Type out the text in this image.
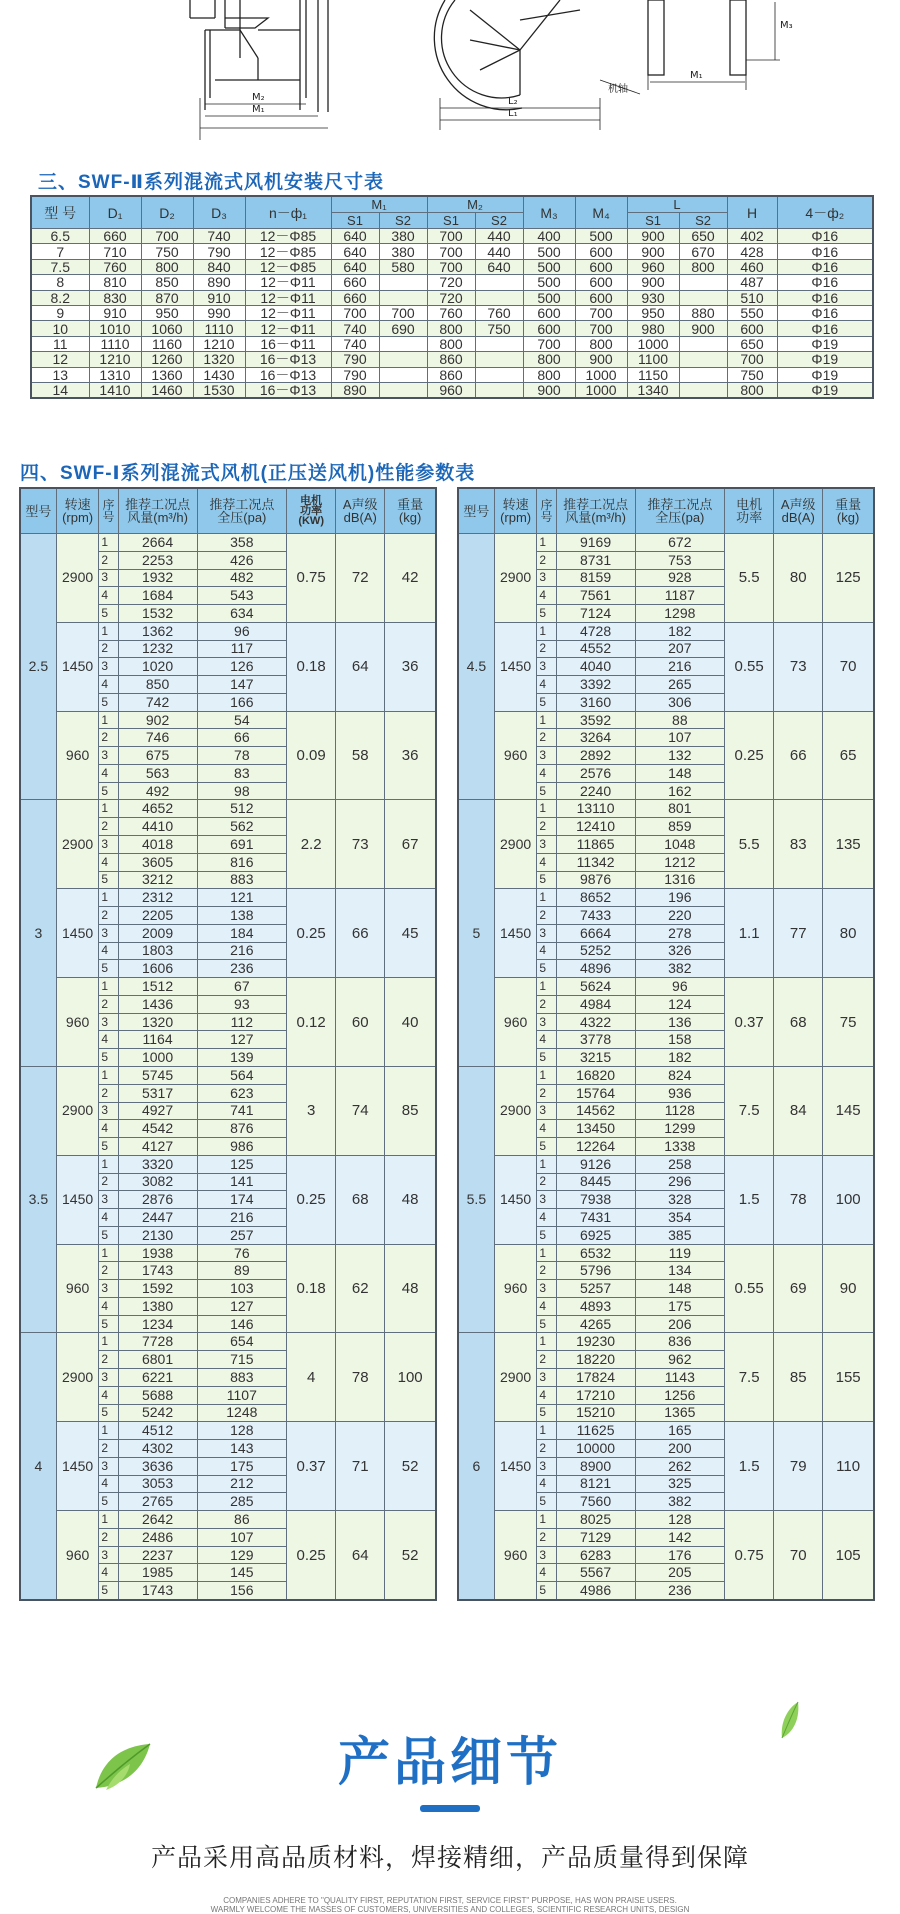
M₂
M₁
L₂
L₁
机轴
M₁
M₃
三、SWF-Ⅱ系列混流式风机安装尺寸表
型 号	D₁	D₂	D₃	n－ф₁	M₁		M₂		M₃	M₄	L		H	4－ф₂
					S1	S2	S1	S2			S1	S2		
6.5	660	700	740	12－Φ85	640	380	700	440	400	500	900	650	402	Φ16
7	710	750	790	12－Φ85	640	380	700	440	500	600	900	670	428	Φ16
7.5	760	800	840	12－Φ85	640	580	700	640	500	600	960	800	460	Φ16
8	810	850	890	12－Φ11	660		720		500	600	900		487	Φ16
8.2	830	870	910	12－Φ11	660		720		500	600	930		510	Φ16
9	910	950	990	12－Φ11	700	700	760	760	600	700	950	880	550	Φ16
10	1010	1060	1110	12－Φ11	740	690	800	750	600	700	980	900	600	Φ16
11	1110	1160	1210	16－Φ11	740		800		700	800	1000		650	Φ19
12	1210	1260	1320	16－Φ13	790		860		800	900	1100		700	Φ19
13	1310	1360	1430	16－Φ13	790		860		800	1000	1150		750	Φ19
14	1410	1460	1530	16－Φ13	890		960		900	1000	1340		800	Φ19
四、SWF-Ⅰ系列混流式风机(正压送风机)性能参数表
型号	转速
(rpm)	序号	推荐工况点
风量(m³/h)	推荐工况点
全压(pa)	电机
功率
(KW)	A声级
dB(A)	重量
(kg)
2.5	2900	1	2664	358	0.75	72	42
		2	2253	426			
		3	1932	482			
		4	1684	543			
		5	1532	634			
	1450	1	1362	96	0.18	64	36
		2	1232	117			
		3	1020	126			
		4	850	147			
		5	742	166			
	960	1	902	54	0.09	58	36
		2	746	66			
		3	675	78			
		4	563	83			
		5	492	98			
3	2900	1	4652	512	2.2	73	67
		2	4410	562			
		3	4018	691			
		4	3605	816			
		5	3212	883			
	1450	1	2312	121	0.25	66	45
		2	2205	138			
		3	2009	184			
		4	1803	216			
		5	1606	236			
	960	1	1512	67	0.12	60	40
		2	1436	93			
		3	1320	112			
		4	1164	127			
		5	1000	139			
3.5	2900	1	5745	564	3	74	85
		2	5317	623			
		3	4927	741			
		4	4542	876			
		5	4127	986			
	1450	1	3320	125	0.25	68	48
		2	3082	141			
		3	2876	174			
		4	2447	216			
		5	2130	257			
	960	1	1938	76	0.18	62	48
		2	1743	89			
		3	1592	103			
		4	1380	127			
		5	1234	146			
4	2900	1	7728	654	4	78	100
		2	6801	715			
		3	6221	883			
		4	5688	1107			
		5	5242	1248			
	1450	1	4512	128	0.37	71	52
		2	4302	143			
		3	3636	175			
		4	3053	212			
		5	2765	285			
	960	1	2642	86	0.25	64	52
		2	2486	107			
		3	2237	129			
		4	1985	145			
		5	1743	156			
型号	转速
(rpm)	序号	推荐工况点
风量(m³/h)	推荐工况点
全压(pa)	电机
功率	A声级
dB(A)	重量
(kg)
4.5	2900	1	9169	672	5.5	80	125
		2	8731	753			
		3	8159	928			
		4	7561	1187			
		5	7124	1298			
	1450	1	4728	182	0.55	73	70
		2	4552	207			
		3	4040	216			
		4	3392	265			
		5	3160	306			
	960	1	3592	88	0.25	66	65
		2	3264	107			
		3	2892	132			
		4	2576	148			
		5	2240	162			
5	2900	1	13110	801	5.5	83	135
		2	12410	859			
		3	11865	1048			
		4	11342	1212			
		5	9876	1316			
	1450	1	8652	196	1.1	77	80
		2	7433	220			
		3	6664	278			
		4	5252	326			
		5	4896	382			
	960	1	5624	96	0.37	68	75
		2	4984	124			
		3	4322	136			
		4	3778	158			
		5	3215	182			
5.5	2900	1	16820	824	7.5	84	145
		2	15764	936			
		3	14562	1128			
		4	13450	1299			
		5	12264	1338			
	1450	1	9126	258	1.5	78	100
		2	8445	296			
		3	7938	328			
		4	7431	354			
		5	6925	385			
	960	1	6532	119	0.55	69	90
		2	5796	134			
		3	5257	148			
		4	4893	175			
		5	4265	206			
6	2900	1	19230	836	7.5	85	155
		2	18220	962			
		3	17824	1143			
		4	17210	1256			
		5	15210	1365			
	1450	1	11625	165	1.5	79	110
		2	10000	200			
		3	8900	262			
		4	8121	325			
		5	7560	382			
	960	1	8025	128	0.75	70	105
		2	7129	142			
		3	6283	176			
		4	5567	205			
		5	4986	236			
产品细节
产品采用高品质材料，焊接精细，产品质量得到保障
COMPANIES ADHERE TO "QUALITY FIRST, REPUTATION FIRST, SERVICE FIRST" PURPOSE, HAS WON PRAISE USERS.
WARMLY WELCOME THE MASSES OF CUSTOMERS, UNIVERSITIES AND COLLEGES, SCIENTIFIC RESEARCH UNITS, DESIGN
